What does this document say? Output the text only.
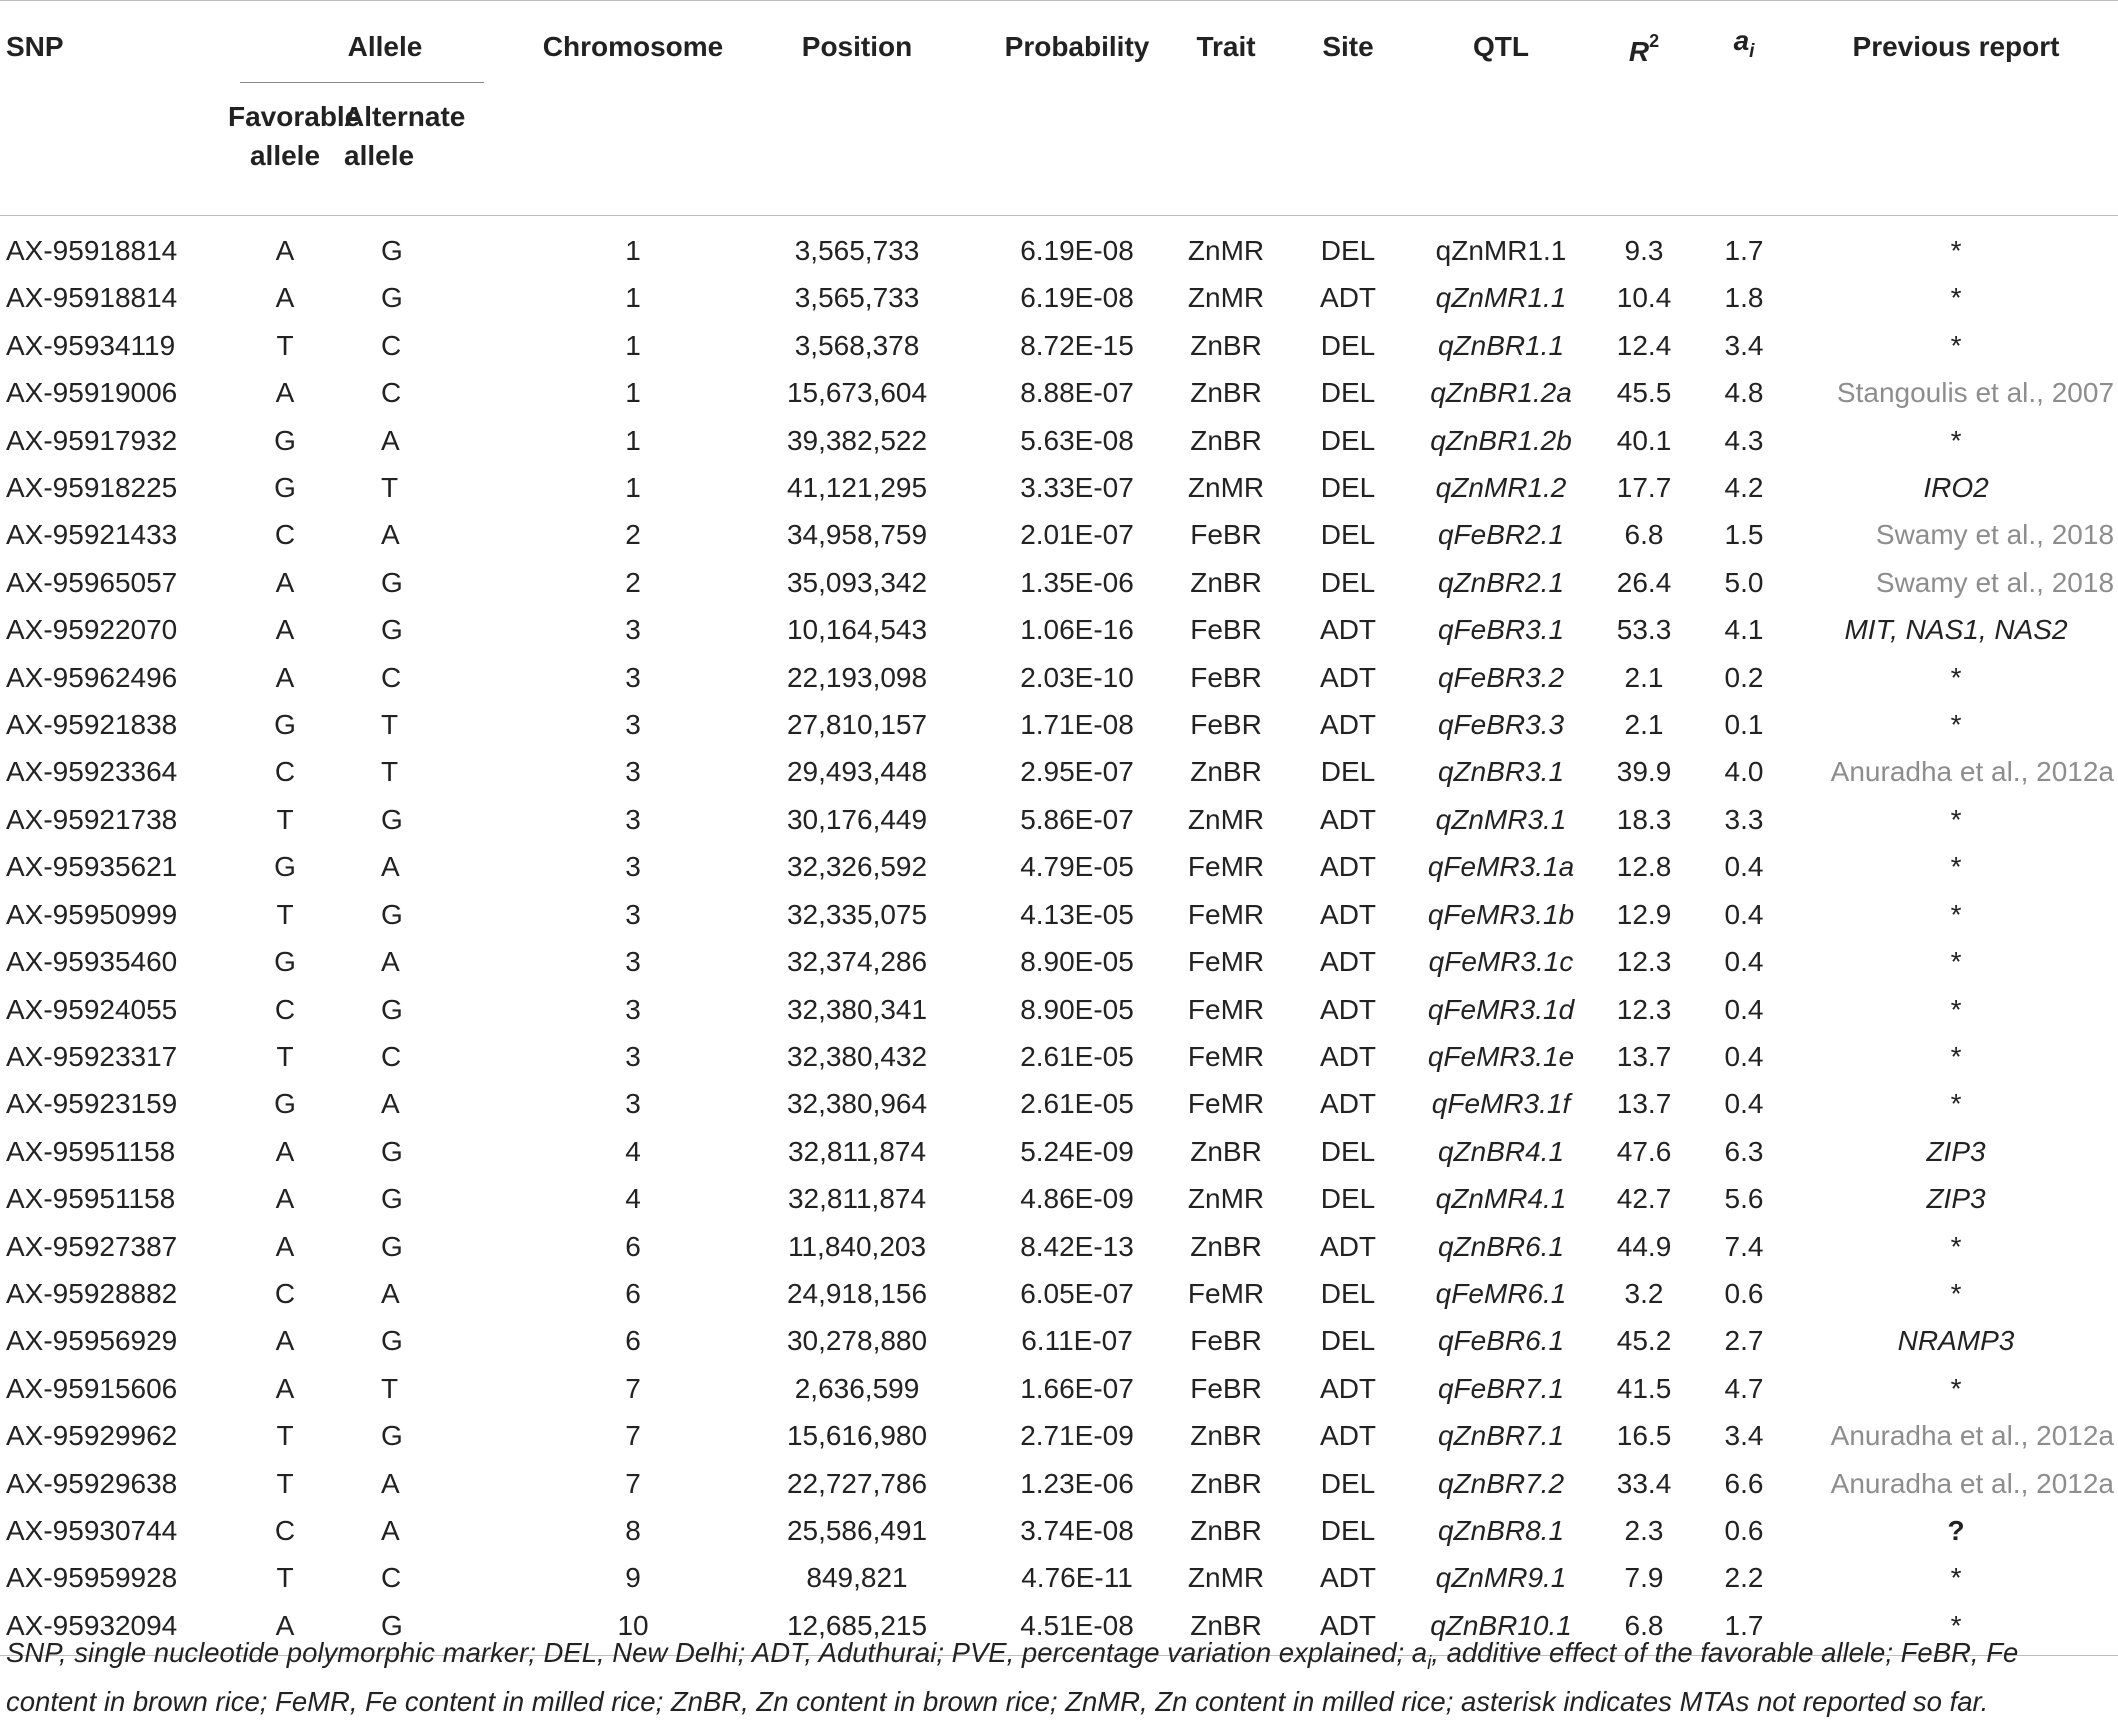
SNP	Allele		Chromosome	Position	Probability	Trait	Site	QTL	$R^2$	$a_i$	Previous report
	Favorable
allele	Alternate
allele									
AX-95918814	A	G	1	3,565,733	6.19E-08	ZnMR	DEL	qZnMR1.1	9.3	1.7	*
AX-95918814	A	G	1	3,565,733	6.19E-08	ZnMR	ADT	qZnMR1.1	10.4	1.8	*
AX-95934119	T	C	1	3,568,378	8.72E-15	ZnBR	DEL	qZnBR1.1	12.4	3.4	*
AX-95919006	A	C	1	15,673,604	8.88E-07	ZnBR	DEL	qZnBR1.2a	45.5	4.8	Stangoulis et al., 2007
AX-95917932	G	A	1	39,382,522	5.63E-08	ZnBR	DEL	qZnBR1.2b	40.1	4.3	*
AX-95918225	G	T	1	41,121,295	3.33E-07	ZnMR	DEL	qZnMR1.2	17.7	4.2	IRO2
AX-95921433	C	A	2	34,958,759	2.01E-07	FeBR	DEL	qFeBR2.1	6.8	1.5	Swamy et al., 2018
AX-95965057	A	G	2	35,093,342	1.35E-06	ZnBR	DEL	qZnBR2.1	26.4	5.0	Swamy et al., 2018
AX-95922070	A	G	3	10,164,543	1.06E-16	FeBR	ADT	qFeBR3.1	53.3	4.1	MIT, NAS1, NAS2
AX-95962496	A	C	3	22,193,098	2.03E-10	FeBR	ADT	qFeBR3.2	2.1	0.2	*
AX-95921838	G	T	3	27,810,157	1.71E-08	FeBR	ADT	qFeBR3.3	2.1	0.1	*
AX-95923364	C	T	3	29,493,448	2.95E-07	ZnBR	DEL	qZnBR3.1	39.9	4.0	Anuradha et al., 2012a
AX-95921738	T	G	3	30,176,449	5.86E-07	ZnMR	ADT	qZnMR3.1	18.3	3.3	*
AX-95935621	G	A	3	32,326,592	4.79E-05	FeMR	ADT	qFeMR3.1a	12.8	0.4	*
AX-95950999	T	G	3	32,335,075	4.13E-05	FeMR	ADT	qFeMR3.1b	12.9	0.4	*
AX-95935460	G	A	3	32,374,286	8.90E-05	FeMR	ADT	qFeMR3.1c	12.3	0.4	*
AX-95924055	C	G	3	32,380,341	8.90E-05	FeMR	ADT	qFeMR3.1d	12.3	0.4	*
AX-95923317	T	C	3	32,380,432	2.61E-05	FeMR	ADT	qFeMR3.1e	13.7	0.4	*
AX-95923159	G	A	3	32,380,964	2.61E-05	FeMR	ADT	qFeMR3.1f	13.7	0.4	*
AX-95951158	A	G	4	32,811,874	5.24E-09	ZnBR	DEL	qZnBR4.1	47.6	6.3	ZIP3
AX-95951158	A	G	4	32,811,874	4.86E-09	ZnMR	DEL	qZnMR4.1	42.7	5.6	ZIP3
AX-95927387	A	G	6	11,840,203	8.42E-13	ZnBR	ADT	qZnBR6.1	44.9	7.4	*
AX-95928882	C	A	6	24,918,156	6.05E-07	FeMR	DEL	qFeMR6.1	3.2	0.6	*
AX-95956929	A	G	6	30,278,880	6.11E-07	FeBR	DEL	qFeBR6.1	45.2	2.7	NRAMP3
AX-95915606	A	T	7	2,636,599	1.66E-07	FeBR	ADT	qFeBR7.1	41.5	4.7	*
AX-95929962	T	G	7	15,616,980	2.71E-09	ZnBR	ADT	qZnBR7.1	16.5	3.4	Anuradha et al., 2012a
AX-95929638	T	A	7	22,727,786	1.23E-06	ZnBR	DEL	qZnBR7.2	33.4	6.6	Anuradha et al., 2012a
AX-95930744	C	A	8	25,586,491	3.74E-08	ZnBR	DEL	qZnBR8.1	2.3	0.6	?
AX-95959928	T	C	9	849,821	4.76E-11	ZnMR	ADT	qZnMR9.1	7.9	2.2	*
AX-95932094	A	G	10	12,685,215	4.51E-08	ZnBR	ADT	qZnBR10.1	6.8	1.7	*
SNP, single nucleotide polymorphic marker; DEL, New Delhi; ADT, Aduthurai; PVE, percentage variation explained; $a_i$, additive effect of the favorable allele; FeBR, Fe content in brown rice; FeMR, Fe content in milled rice; ZnBR, Zn content in brown rice; ZnMR, Zn content in milled rice; asterisk indicates MTAs not reported so far.
